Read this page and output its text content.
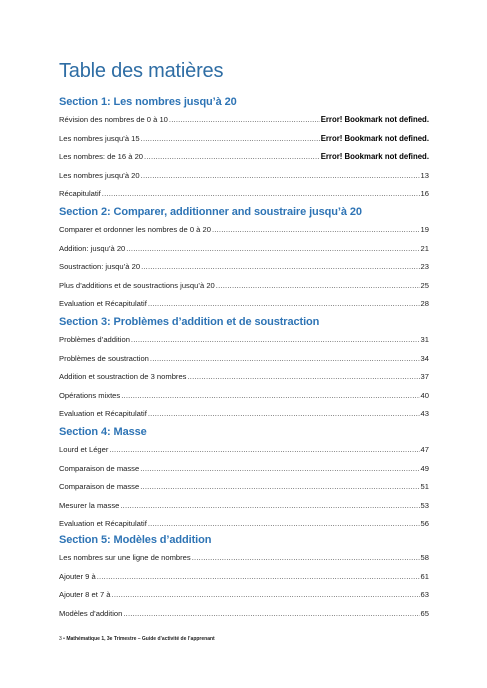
Table des matières
Section 1: Les nombres jusqu’à 20
Révision des nombres de 0 à 10 .....	Error! Bookmark not defined.
Les nombres jusqu’à 15 .....	Error! Bookmark not defined.
Les nombres: de 16 à 20 .....	Error! Bookmark not defined.
Les nombres jusqu’à 20 .....	13
Récapitulatif .....	16
Section 2: Comparer, additionner and soustraire jusqu’à 20
Comparer et ordonner les nombres de 0 à 20 .....	19
Addition: jusqu’à 20 .....	21
Soustraction: jusqu’à 20 .....	23
Plus d’additions et de soustractions jusqu’à 20 .....	25
Evaluation et Récapitulatif .....	28
Section 3: Problèmes d’addition et de soustraction
Problèmes d’addition .....	31
Problèmes de soustraction .....	34
Addition et soustraction de 3 nombres .....	37
Opérations mixtes .....	40
Evaluation et Récapitulatif .....	43
Section 4: Masse
Lourd et Léger .....	47
Comparaison de masse .....	49
Comparaison de masse .....	51
Mesurer la masse .....	53
Evaluation et Récapitulatif .....	56
Section 5: Modèles d’addition
Les nombres sur une ligne de nombres .....	58
Ajouter 9 à .....	61
Ajouter 8 et 7 à .....	63
Modèles d’addition .....	65
3 • Mathématique 1, 3e Trimestre – Guide d’activité de l’apprenant
